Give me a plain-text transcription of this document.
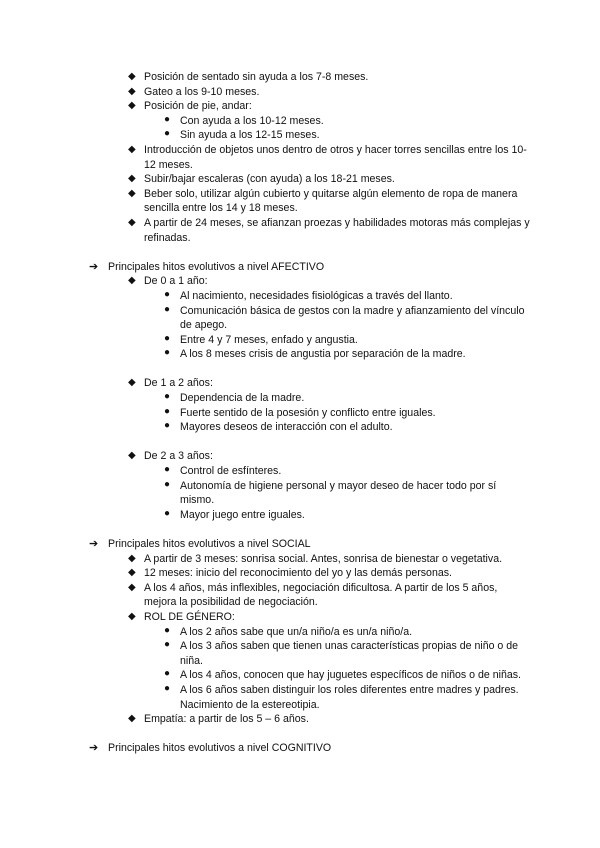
◆ Posición de sentado sin ayuda a los 7-8 meses.
◆ Gateo a los 9-10 meses.
◆ Posición de pie, andar:
● Con ayuda a los 10-12 meses.
● Sin ayuda a los 12-15 meses.
◆ Introducción de objetos unos dentro de otros y hacer torres sencillas entre los 10-12 meses.
◆ Subir/bajar escaleras (con ayuda) a los 18-21 meses.
◆ Beber solo, utilizar algún cubierto y quitarse algún elemento de ropa de manera sencilla entre los 14 y 18 meses.
◆ A partir de 24 meses, se afianzan proezas y habilidades motoras más complejas y refinadas.
➔ Principales hitos evolutivos a nivel AFECTIVO
◆ De 0 a 1 año:
● Al nacimiento, necesidades fisiológicas a través del llanto.
● Comunicación básica de gestos con la madre y afianzamiento del vínculo de apego.
● Entre 4 y 7 meses, enfado y angustia.
● A los 8 meses crisis de angustia por separación de la madre.
◆ De 1 a 2 años:
● Dependencia de la madre.
● Fuerte sentido de la posesión y conflicto entre iguales.
● Mayores deseos de interacción con el adulto.
◆ De 2 a 3 años:
● Control de esfínteres.
● Autonomía de higiene personal y mayor deseo de hacer todo por sí mismo.
● Mayor juego entre iguales.
➔ Principales hitos evolutivos a nivel SOCIAL
◆ A partir de 3 meses: sonrisa social. Antes, sonrisa de bienestar o vegetativa.
◆ 12 meses: inicio del reconocimiento del yo y las demás personas.
◆ A los 4 años, más inflexibles, negociación dificultosa. A partir de los 5 años, mejora la posibilidad de negociación.
◆ ROL DE GÉNERO:
● A los 2 años sabe que un/a niño/a es un/a niño/a.
● A los 3 años saben que tienen unas características propias de niño o de niña.
● A los 4 años, conocen que hay juguetes específicos de niños o de niñas.
● A los 6 años saben distinguir los roles diferentes entre madres y padres. Nacimiento de la estereotipia.
◆ Empatía: a partir de los 5 – 6 años.
➔ Principales hitos evolutivos a nivel COGNITIVO
